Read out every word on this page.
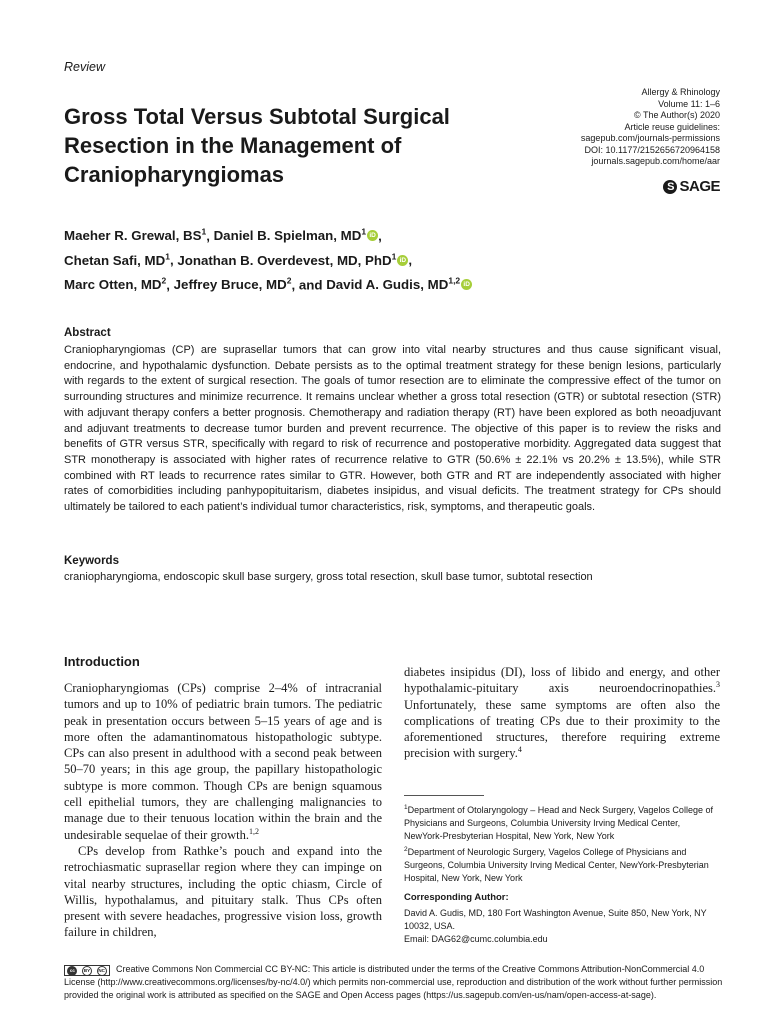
Review
Gross Total Versus Subtotal Surgical Resection in the Management of Craniopharyngiomas
Allergy & Rhinology
Volume 11: 1–6
© The Author(s) 2020
Article reuse guidelines:
sagepub.com/journals-permissions
DOI: 10.1177/2152656720964158
journals.sagepub.com/home/aar
S SAGE
Maeher R. Grewal, $BS^1$, Daniel B. Spielman, $MD^1$ iD ,
Chetan Safi, $MD^1$, Jonathan B. Overdevest, MD, PhD$^1$ iD ,
Marc Otten, $MD^2$, Jeffrey Bruce, $MD^2$, and David A. Gudis, MD$^{1,2}$ iD
Abstract
Craniopharyngiomas (CP) are suprasellar tumors that can grow into vital nearby structures and thus cause significant visual, endocrine, and hypothalamic dysfunction. Debate persists as to the optimal treatment strategy for these benign lesions, particularly with regards to the extent of surgical resection. The goals of tumor resection are to eliminate the compressive effect of the tumor on surrounding structures and minimize recurrence. It remains unclear whether a gross total resection (GTR) or subtotal resection (STR) with adjuvant therapy confers a better prognosis. Chemotherapy and radiation therapy (RT) have been explored as both neoadjuvant and adjuvant treatments to decrease tumor burden and prevent recurrence. The objective of this paper is to review the risks and benefits of GTR versus STR, specifically with regard to risk of recurrence and postoperative morbidity. Aggregated data suggest that STR monotherapy is associated with higher rates of recurrence relative to GTR (50.6% ± 22.1% vs 20.2% ± 13.5%), while STR combined with RT leads to recurrence rates similar to GTR. However, both GTR and RT are independently associated with higher rates of comorbidities including panhypopituitarism, diabetes insipidus, and visual deficits. The treatment strategy for CPs should ultimately be tailored to each patient’s individual tumor characteristics, risk, symptoms, and therapeutic goals.
Keywords
craniopharyngioma, endoscopic skull base surgery, gross total resection, skull base tumor, subtotal resection
Introduction

Craniopharyngiomas (CPs) comprise 2–4% of intracranial tumors and up to 10% of pediatric brain tumors. The pediatric peak in presentation occurs between 5–15 years of age and is more often the adamantinomatous histopathologic subtype. CPs can also present in adulthood with a second peak between 50–70 years; in this age group, the papillary histopathologic subtype is more common. Though CPs are benign squamous cell epithelial tumors, they are challenging malignancies to manage due to their tenuous location within the brain and the undesirable sequelae of their growth.$^{1,2}$

CPs develop from Rathke’s pouch and expand into the retrochiasmatic suprasellar region where they can impinge on vital nearby structures, including the optic chiasm, Circle of Willis, hypothalamus, and pituitary stalk. Thus CPs often present with severe headaches, progressive vision loss, growth failure in children,

diabetes insipidus (DI), loss of libido and energy, and other hypothalamic-pituitary axis neuroendocrinopathies.$^3$ Unfortunately, these same symptoms are often also the complications of treating CPs due to their proximity to the aforementioned structures, therefore requiring extreme precision with surgery.$^4$

$^1$Department of Otolaryngology – Head and Neck Surgery, Vagelos College of Physicians and Surgeons, Columbia University Irving Medical Center, NewYork-Presbyterian Hospital, New York, New York
$^2$Department of Neurologic Surgery, Vagelos College of Physicians and Surgeons, Columbia University Irving Medical Center, NewYork-Presbyterian Hospital, New York, New York
Corresponding Author:
David A. Gudis, MD, 180 Fort Washington Avenue, Suite 850, New York, NY 10032, USA.
Email: DAG62@cumc.columbia.edu
cc	BY	NC	Creative Commons Non Commercial CC BY-NC: This article is distributed under the terms of the Creative Commons Attribution-NonCommercial 4.0 License (http://www.creativecommons.org/licenses/by-nc/4.0/) which permits non-commercial use, reproduction and distribution of the work without further permission provided the original work is attributed as specified on the SAGE and Open Access pages (https://us.sagepub.com/en-us/nam/open-access-at-sage).
